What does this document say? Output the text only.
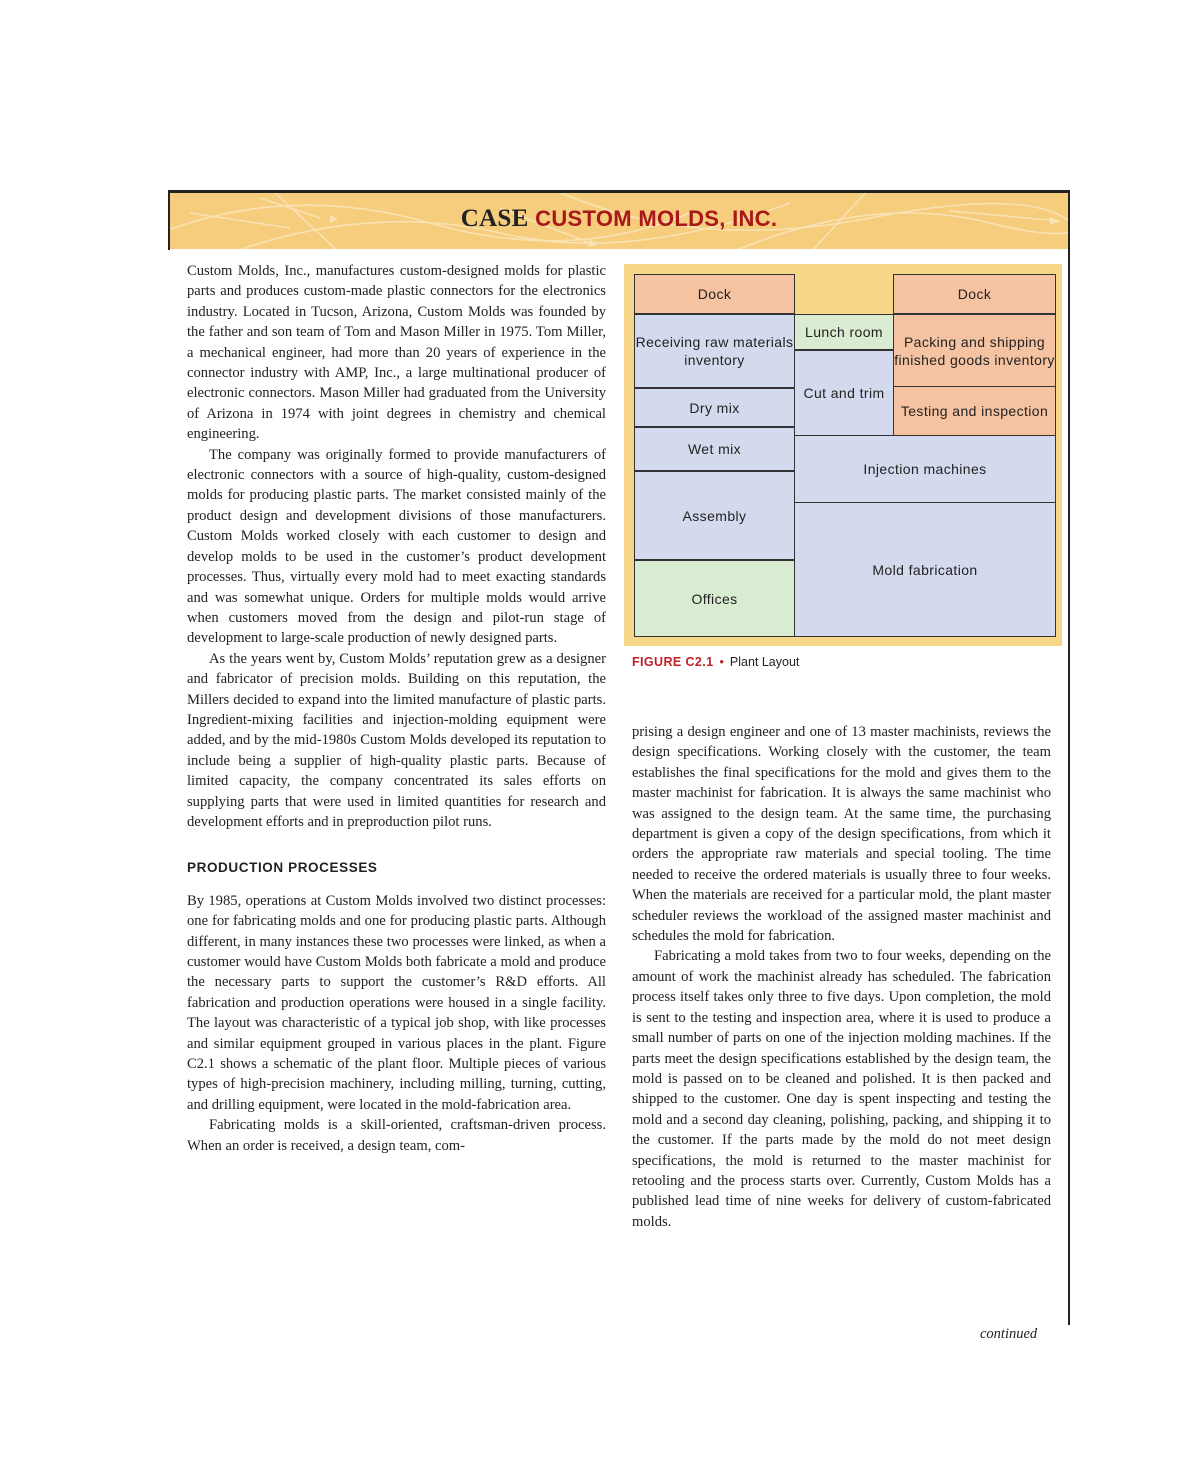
CASE CUSTOM MOLDS, INC.

Custom Molds, Inc., manufactures custom-designed molds for plastic parts and produces custom-made plastic connectors for the electronics industry. Located in Tucson, Arizona, Custom Molds was founded by the father and son team of Tom and Mason Miller in 1975. Tom Miller, a mechanical engineer, had more than 20 years of experience in the connector industry with AMP, Inc., a large multinational producer of electronic connectors. Mason Miller had graduated from the University of Arizona in 1974 with joint degrees in chemistry and chemical engineering.

The company was originally formed to provide manufacturers of electronic connectors with a source of high-quality, custom-designed molds for producing plastic parts. The market consisted mainly of the product design and development divisions of those manufacturers. Custom Molds worked closely with each customer to design and develop molds to be used in the customer’s product development processes. Thus, virtually every mold had to meet exacting standards and was somewhat unique. Orders for multiple molds would arrive when customers moved from the design and pilot-run stage of development to large-scale production of newly designed parts.

As the years went by, Custom Molds’ reputation grew as a designer and fabricator of precision molds. Building on this reputation, the Millers decided to expand into the limited manufacture of plastic parts. Ingredient-mixing facilities and injection-molding equipment were added, and by the mid-1980s Custom Molds developed its reputation to include being a supplier of high-quality plastic parts. Because of limited capacity, the company concentrated its sales efforts on supplying parts that were used in limited quantities for research and development efforts and in preproduction pilot runs.

PRODUCTION PROCESSES

By 1985, operations at Custom Molds involved two distinct processes: one for fabricating molds and one for producing plastic parts. Although different, in many instances these two processes were linked, as when a customer would have Custom Molds both fabricate a mold and produce the necessary parts to support the customer’s R&D efforts. All fabrication and production operations were housed in a single facility. The layout was characteristic of a typical job shop, with like processes and similar equipment grouped in various places in the plant. Figure C2.1 shows a schematic of the plant floor. Multiple pieces of various types of high-precision machinery, including milling, turning, cutting, and drilling equipment, were located in the mold-fabrication area.

Fabricating molds is a skill-oriented, craftsman-driven process. When an order is received, a design team, com-

Dock	Dock
Receiving raw materials inventory
Dry mix
Wet mix
Assembly
Offices
Lunch room
Cut and trim
Packing and shipping finished goods inventory
Testing and inspection
Injection machines
Mold fabrication
FIGURE C2.1 • Plant Layout

prising a design engineer and one of 13 master machinists, reviews the design specifications. Working closely with the customer, the team establishes the final specifications for the mold and gives them to the master machinist for fabrication. It is always the same machinist who was assigned to the design team. At the same time, the purchasing department is given a copy of the design specifications, from which it orders the appropriate raw materials and special tooling. The time needed to receive the ordered materials is usually three to four weeks. When the materials are received for a particular mold, the plant master scheduler reviews the workload of the assigned master machinist and schedules the mold for fabrication.

Fabricating a mold takes from two to four weeks, depending on the amount of work the machinist already has scheduled. The fabrication process itself takes only three to five days. Upon completion, the mold is sent to the testing and inspection area, where it is used to produce a small number of parts on one of the injection molding machines. If the parts meet the design specifications established by the design team, the mold is passed on to be cleaned and polished. It is then packed and shipped to the customer. One day is spent inspecting and testing the mold and a second day cleaning, polishing, packing, and shipping it to the customer. If the parts made by the mold do not meet design specifications, the mold is returned to the master machinist for retooling and the process starts over. Currently, Custom Molds has a published lead time of nine weeks for delivery of custom-fabricated molds.

continued
